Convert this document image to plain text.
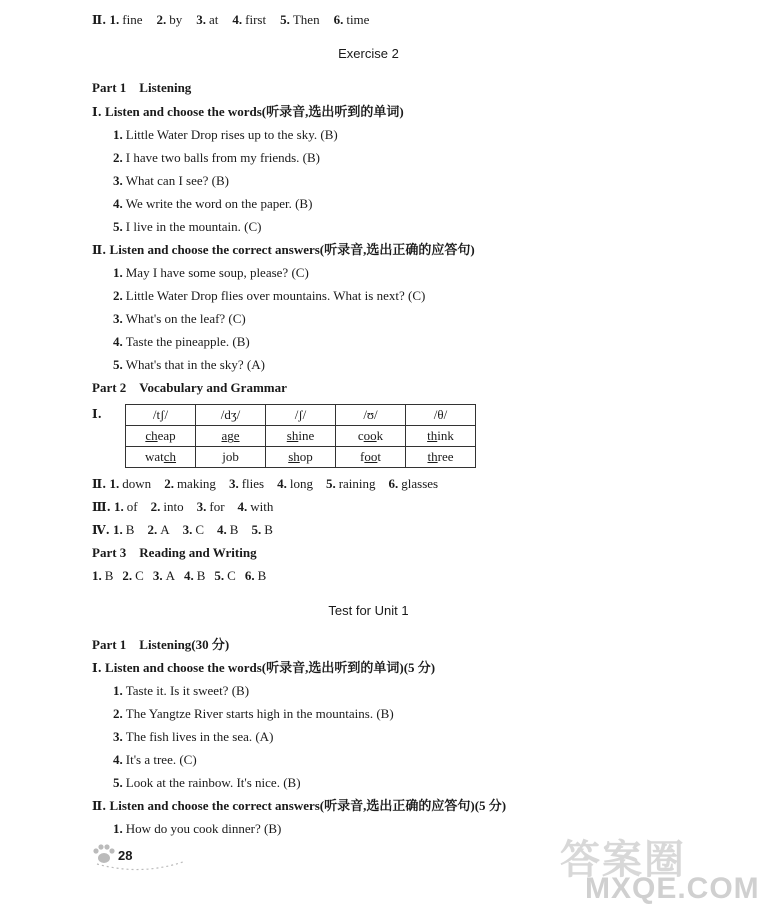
Ⅱ. 1. fine 2. by 3. at 4. first 5. Then 6. time
Exercise 2
Part 1　Listening
Ⅰ. Listen and choose the words(听录音,选出听到的单词)
1. Little Water Drop rises up to the sky. (B)
2. I have two balls from my friends. (B)
3. What can I see? (B)
4. We write the word on the paper. (B)
5. I live in the mountain. (C)
Ⅱ. Listen and choose the correct answers(听录音,选出正确的应答句)
1. May I have some soup, please? (C)
2. Little Water Drop flies over mountains. What is next? (C)
3. What's on the leaf? (C)
4. Taste the pineapple. (B)
5. What's that in the sky? (A)
Part 2　Vocabulary and Grammar
Ⅰ.	/tʃ/	/dʒ/	/ʃ/	/ʊ/	/θ/
cheap	age	shine	cook	think
watch	job	shop	foot	three
Ⅱ. 1. down 2. making 3. flies 4. long 5. raining 6. glasses
Ⅲ. 1. of 2. into 3. for 4. with
Ⅳ. 1. B 2. A 3. C 4. B 5. B
Part 3　Reading and Writing
1. B 2. C 3. A 4. B 5. C 6. B
Test for Unit 1
Part 1　Listening(30 分)
Ⅰ. Listen and choose the words(听录音,选出听到的单词)(5 分)
1. Taste it. Is it sweet? (B)
2. The Yangtze River starts high in the mountains. (B)
3. The fish lives in the sea. (A)
4. It's a tree. (C)
5. Look at the rainbow. It's nice. (B)
Ⅱ. Listen and choose the correct answers(听录音,选出正确的应答句)(5 分)
1. How do you cook dinner? (B)
28	答案圈
MXQE.COM
